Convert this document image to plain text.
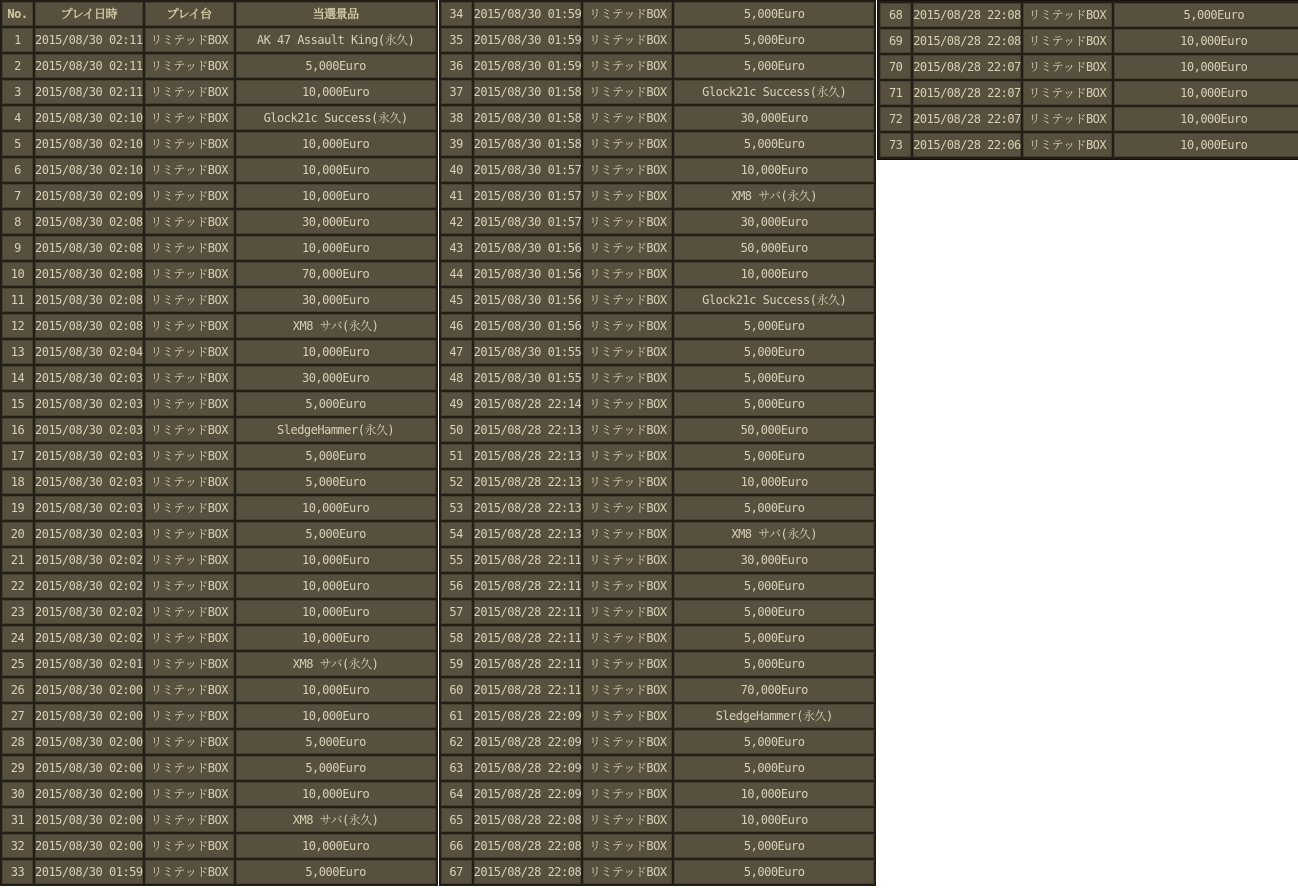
No.	プレイ日時	プレイ台	当選景品
1	2015/08/30 02:11	リミテッドBOX	AK 47 Assault King(永久)
2	2015/08/30 02:11	リミテッドBOX	5,000Euro
3	2015/08/30 02:11	リミテッドBOX	10,000Euro
4	2015/08/30 02:10	リミテッドBOX	Glock21c Success(永久)
5	2015/08/30 02:10	リミテッドBOX	10,000Euro
6	2015/08/30 02:10	リミテッドBOX	10,000Euro
7	2015/08/30 02:09	リミテッドBOX	10,000Euro
8	2015/08/30 02:08	リミテッドBOX	30,000Euro
9	2015/08/30 02:08	リミテッドBOX	10,000Euro
10	2015/08/30 02:08	リミテッドBOX	70,000Euro
11	2015/08/30 02:08	リミテッドBOX	30,000Euro
12	2015/08/30 02:08	リミテッドBOX	XM8 サバ(永久)
13	2015/08/30 02:04	リミテッドBOX	10,000Euro
14	2015/08/30 02:03	リミテッドBOX	30,000Euro
15	2015/08/30 02:03	リミテッドBOX	5,000Euro
16	2015/08/30 02:03	リミテッドBOX	SledgeHammer(永久)
17	2015/08/30 02:03	リミテッドBOX	5,000Euro
18	2015/08/30 02:03	リミテッドBOX	5,000Euro
19	2015/08/30 02:03	リミテッドBOX	10,000Euro
20	2015/08/30 02:03	リミテッドBOX	5,000Euro
21	2015/08/30 02:02	リミテッドBOX	10,000Euro
22	2015/08/30 02:02	リミテッドBOX	10,000Euro
23	2015/08/30 02:02	リミテッドBOX	10,000Euro
24	2015/08/30 02:02	リミテッドBOX	10,000Euro
25	2015/08/30 02:01	リミテッドBOX	XM8 サバ(永久)
26	2015/08/30 02:00	リミテッドBOX	10,000Euro
27	2015/08/30 02:00	リミテッドBOX	10,000Euro
28	2015/08/30 02:00	リミテッドBOX	5,000Euro
29	2015/08/30 02:00	リミテッドBOX	5,000Euro
30	2015/08/30 02:00	リミテッドBOX	10,000Euro
31	2015/08/30 02:00	リミテッドBOX	XM8 サバ(永久)
32	2015/08/30 02:00	リミテッドBOX	10,000Euro
33	2015/08/30 01:59	リミテッドBOX	5,000Euro
34	2015/08/30 01:59	リミテッドBOX	5,000Euro
35	2015/08/30 01:59	リミテッドBOX	5,000Euro
36	2015/08/30 01:59	リミテッドBOX	5,000Euro
37	2015/08/30 01:58	リミテッドBOX	Glock21c Success(永久)
38	2015/08/30 01:58	リミテッドBOX	30,000Euro
39	2015/08/30 01:58	リミテッドBOX	5,000Euro
40	2015/08/30 01:57	リミテッドBOX	10,000Euro
41	2015/08/30 01:57	リミテッドBOX	XM8 サバ(永久)
42	2015/08/30 01:57	リミテッドBOX	30,000Euro
43	2015/08/30 01:56	リミテッドBOX	50,000Euro
44	2015/08/30 01:56	リミテッドBOX	10,000Euro
45	2015/08/30 01:56	リミテッドBOX	Glock21c Success(永久)
46	2015/08/30 01:56	リミテッドBOX	5,000Euro
47	2015/08/30 01:55	リミテッドBOX	5,000Euro
48	2015/08/30 01:55	リミテッドBOX	5,000Euro
49	2015/08/28 22:14	リミテッドBOX	5,000Euro
50	2015/08/28 22:13	リミテッドBOX	50,000Euro
51	2015/08/28 22:13	リミテッドBOX	5,000Euro
52	2015/08/28 22:13	リミテッドBOX	10,000Euro
53	2015/08/28 22:13	リミテッドBOX	5,000Euro
54	2015/08/28 22:13	リミテッドBOX	XM8 サバ(永久)
55	2015/08/28 22:11	リミテッドBOX	30,000Euro
56	2015/08/28 22:11	リミテッドBOX	5,000Euro
57	2015/08/28 22:11	リミテッドBOX	5,000Euro
58	2015/08/28 22:11	リミテッドBOX	5,000Euro
59	2015/08/28 22:11	リミテッドBOX	5,000Euro
60	2015/08/28 22:11	リミテッドBOX	70,000Euro
61	2015/08/28 22:09	リミテッドBOX	SledgeHammer(永久)
62	2015/08/28 22:09	リミテッドBOX	5,000Euro
63	2015/08/28 22:09	リミテッドBOX	5,000Euro
64	2015/08/28 22:09	リミテッドBOX	10,000Euro
65	2015/08/28 22:08	リミテッドBOX	10,000Euro
66	2015/08/28 22:08	リミテッドBOX	5,000Euro
67	2015/08/28 22:08	リミテッドBOX	5,000Euro
68	2015/08/28 22:08	リミテッドBOX	5,000Euro
69	2015/08/28 22:08	リミテッドBOX	10,000Euro
70	2015/08/28 22:07	リミテッドBOX	10,000Euro
71	2015/08/28 22:07	リミテッドBOX	10,000Euro
72	2015/08/28 22:07	リミテッドBOX	10,000Euro
73	2015/08/28 22:06	リミテッドBOX	10,000Euro
